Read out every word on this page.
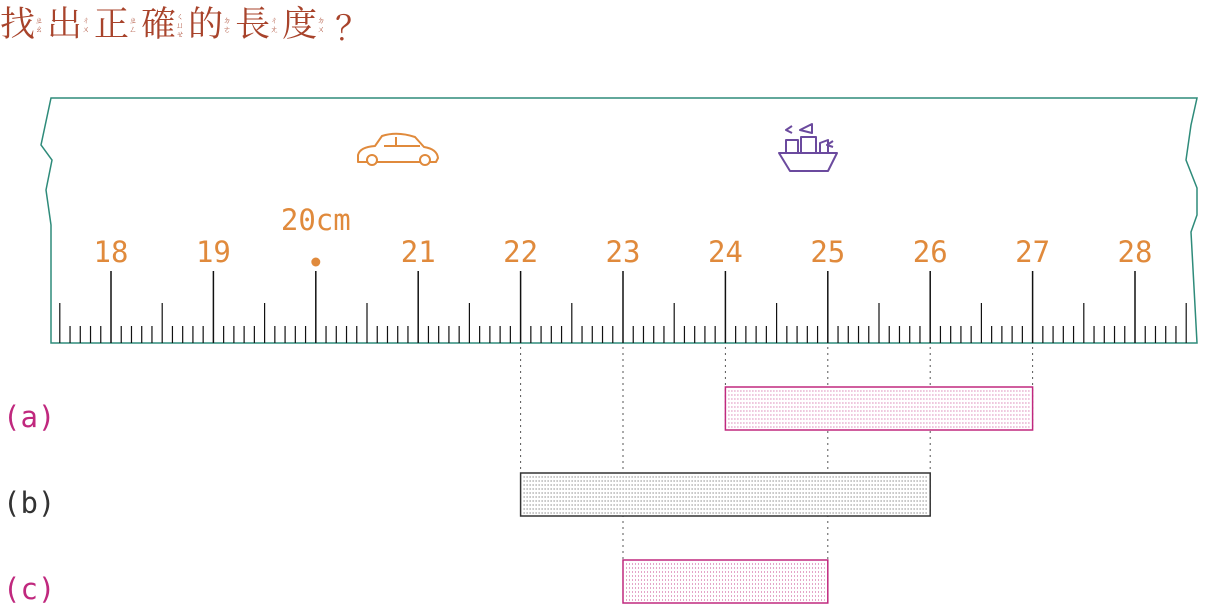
找 ㄓ
ㄠ 出 ㄔ
ㄨ 正 ㄓ
ㄥ 確 ㄑ
ㄩ
ㄝ 的 ㄉ
ㄜ 長 ㄔ
ㄤ 度 ㄉ
ㄨ ？
18 19	21 22 23 24 25 26 27 28
20cm
(a)
(b)
(c)
